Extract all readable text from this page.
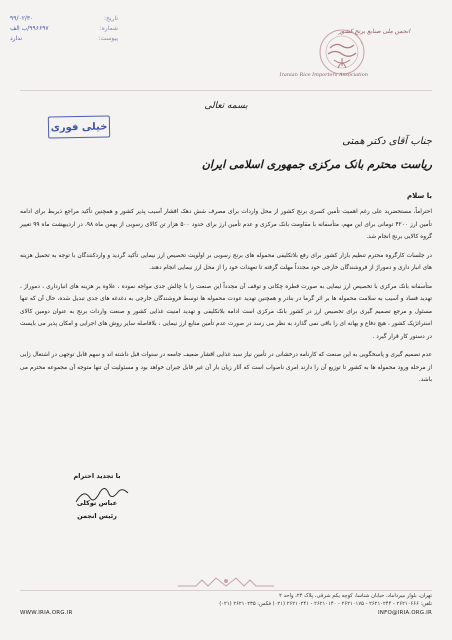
انجمن ملی صنایع برنج کشور
Iranian Rice Importers Association
تاریخ:
۹۹/۰۲/۳۰
شماره:
۹۹۶۶۹۷/ب الف
پیوست:
ندارد
بسمه تعالی
خیلی فوری
جناب آقای دکتر همتی
ریاست محترم بانک مرکزی جمهوری اسلامی ایران
با سلام

احتراماً، مستحضرید علی رغم اهمیت تأمین کسری برنج کشور از محل واردات برای مصرف شش دهک اقشار آسیب پذیر کشور و همچنین تأکید مراجع ذیربط برای ادامه تأمین ارز ۴۲۰۰ تومانی برای این مهم، متأسفانه با مقاومت بانک مرکزی و عدم تأمین ارز برای حدود ۵۰۰ هزار تن کالای رسوبی از بهمن ماه ۹۸، در اردیبهشت ماه ۹۹ تغییر گروه کالایی برنج انجام شد.

در جلسات کارگروه محترم تنظیم بازار کشور برای رفع بلاتکلیفی محموله های برنج رسوبی بر اولویت تخصیص ارز نیمایی تأکید گردید و واردکنندگان با توجه به تحمیل هزینه های انبار داری و دموراژ از فروشندگان خارجی خود مجدداً مهلت گرفته تا تعهدات خود را از محل ارز نیمایی انجام دهند.

متأسفانه بانک مرکزی با تخصیص ارز نیمایی به صورت قطره چکانی و توقف آن مجدداً این صنعت را با چالش جدی مواجه نموده ، علاوه بر هزینه های انبارداری ، دموراژ ، تهدید فساد و آسیب به سلامت محموله ها بر اثر گرما در بنادر و همچنین تهدید عودت محموله ها توسط فروشندگان خارجی به دغدغه های جدی تبدیل شده، حال آن که تنها مسئول و مرجع تصمیم گیری برای تخصیص ارز در کشور بانک مرکزی است ادامه بلاتکلیفی و تهدید امنیت غذایی کشور و صنعت واردات برنج به عنوان دومین کالای استراتژیک کشور ، هیچ دفاع و بهانه ای را باقی نمی گذارد به نظر می رسد در صورت عدم تأمین منابع ارز نیمایی ، بلافاصله سایر روش های اجرایی و امکان پذیر می بایست در دستور کار قرار گیرد .

عدم تصمیم گیری و پاسخگویی به این صنعت که کارنامه درخشانی در تأمین نیاز سبد غذایی اقشار ضعیف جامعه در سنوات قبل داشته اند و سهم قابل توجهی در اشتغال زایی از مرحله ورود محموله ها به کشور تا توزیع آن را دارند امری ناصواب است که آثار زیان بار آن غیر قابل جبران خواهد بود و مسئولیت آن تنها متوجه آن مجموعه محترم می باشد.

با تجدید احترام
عباس توکلی
رئیس انجمن
تهران، بلوار میرداماد، خیابان شناسا، کوچه یکم شرقی، پلاک ۲۴، واحد ۲
تلفن: ۲۶۲۱۰۶۶۶ - ۲۶۲۱۰۲۴۴ - ۲۶۲۱۰۱۷۵ - ۲۶۲۱۰۱۴۰ - ۲۶۲۱۰۲۴۱ (۰۲۱) فکس: ۲۶۲۱۰۲۳۵ (۰۲۱)
WWW.IRIA.ORG.IR	INFO@IRIA.ORG.IR
